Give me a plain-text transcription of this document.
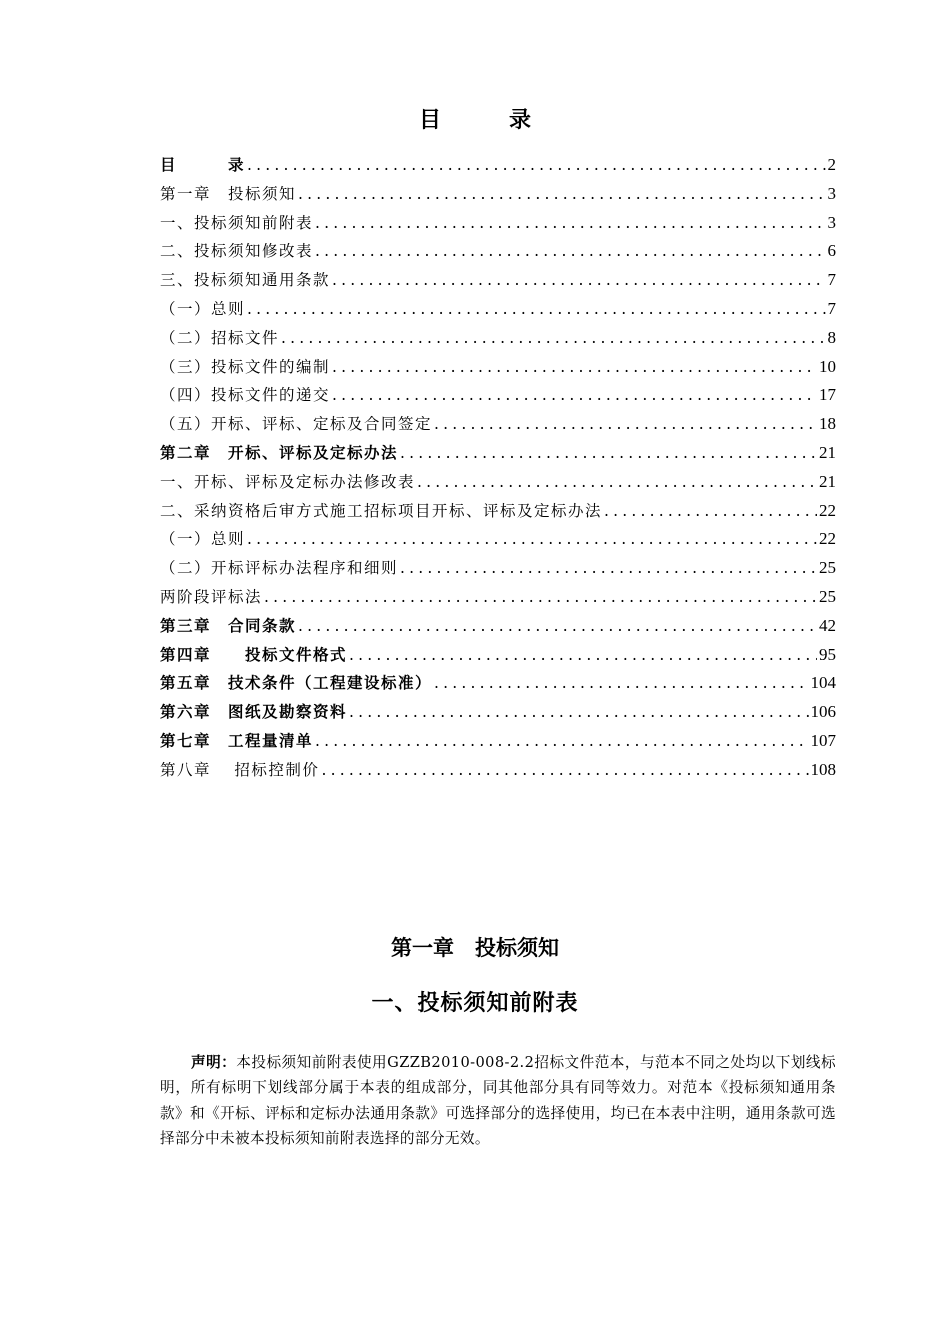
目录
目　　　录 .....	2
第一章　投标须知 .....	3
一、投标须知前附表 .....	3
二、投标须知修改表 .....	6
三、投标须知通用条款 .....	7
（一）总则 .....	7
（二）招标文件 .....	8
（三）投标文件的编制 .....	10
（四）投标文件的递交 .....	17
（五）开标、评标、定标及合同签定 .....	18
第二章　开标、评标及定标办法 .....	21
一、开标、评标及定标办法修改表 .....	21
二、采纳资格后审方式施工招标项目开标、评标及定标办法 .....	22
（一）总则 .....	22
（二）开标评标办法程序和细则 .....	25
两阶段评标法 .....	25
第三章　合同条款 .....	42
第四章　　投标文件格式 .....	95
第五章　技术条件（工程建设标准） .....	104
第六章　图纸及勘察资料 .....	106
第七章　工程量清单 .....	107
第八章　 招标控制价 .....	108
第一章　投标须知
一、投标须知前附表

声明：本投标须知前附表使用GZZB2010-008-2.2招标文件范本，与范本不同之处均以下划线标明，所有标明下划线部分属于本表的组成部分，同其他部分具有同等效力。对范本《投标须知通用条款》和《开标、评标和定标办法通用条款》可选择部分的选择使用，均已在本表中注明，通用条款可选择部分中未被本投标须知前附表选择的部分无效。
